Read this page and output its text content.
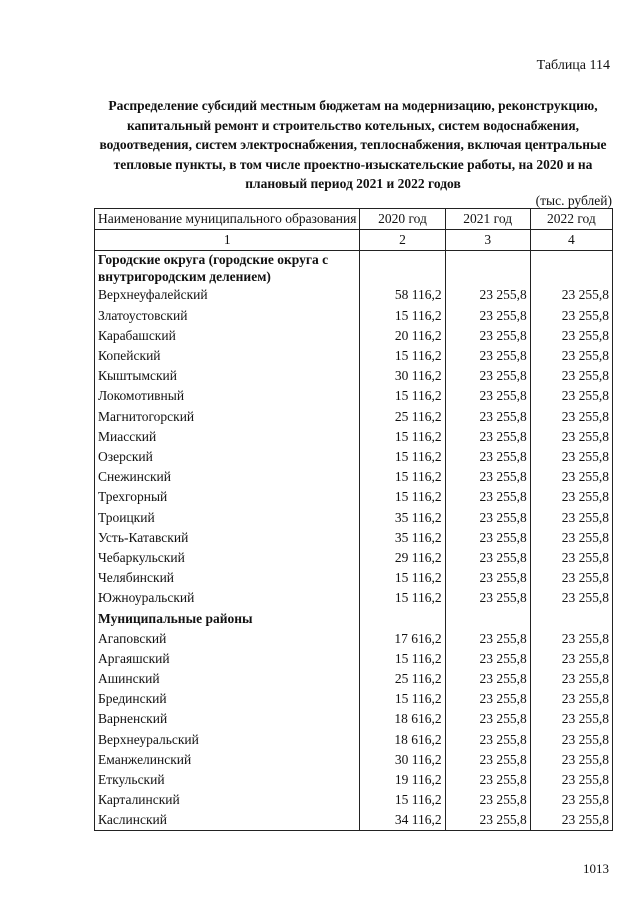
Таблица 114
Распределение субсидий местным бюджетам на модернизацию, реконструкцию, капитальный ремонт и строительство котельных, систем водоснабжения, водоотведения, систем электроснабжения, теплоснабжения, включая центральные тепловые пункты, в том числе проектно-изыскательские работы, на 2020 и на плановый период 2021 и 2022 годов
(тыс. рублей)
Наименование муниципального образования	2020 год	2021 год	2022 год
1	2	3	4
Городские округа (городские округа с внутригородским делением)			
Верхнеуфалейский	58 116,2	23 255,8	23 255,8
Златоустовский	15 116,2	23 255,8	23 255,8
Карабашский	20 116,2	23 255,8	23 255,8
Копейский	15 116,2	23 255,8	23 255,8
Кыштымский	30 116,2	23 255,8	23 255,8
Локомотивный	15 116,2	23 255,8	23 255,8
Магнитогорский	25 116,2	23 255,8	23 255,8
Миасский	15 116,2	23 255,8	23 255,8
Озерский	15 116,2	23 255,8	23 255,8
Снежинский	15 116,2	23 255,8	23 255,8
Трехгорный	15 116,2	23 255,8	23 255,8
Троицкий	35 116,2	23 255,8	23 255,8
Усть-Катавский	35 116,2	23 255,8	23 255,8
Чебаркульский	29 116,2	23 255,8	23 255,8
Челябинский	15 116,2	23 255,8	23 255,8
Южноуральский	15 116,2	23 255,8	23 255,8
Муниципальные районы			
Агаповский	17 616,2	23 255,8	23 255,8
Аргаяшский	15 116,2	23 255,8	23 255,8
Ашинский	25 116,2	23 255,8	23 255,8
Брединский	15 116,2	23 255,8	23 255,8
Варненский	18 616,2	23 255,8	23 255,8
Верхнеуральский	18 616,2	23 255,8	23 255,8
Еманжелинский	30 116,2	23 255,8	23 255,8
Еткульский	19 116,2	23 255,8	23 255,8
Карталинский	15 116,2	23 255,8	23 255,8
Каслинский	34 116,2	23 255,8	23 255,8
1013
